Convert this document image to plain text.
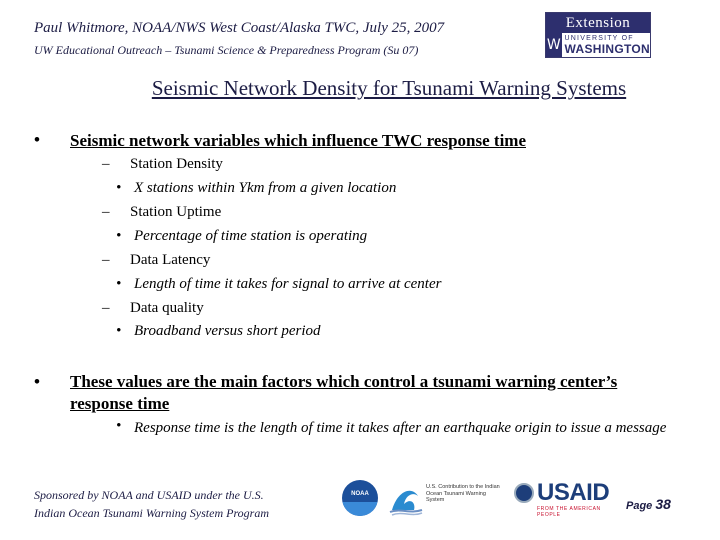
Paul Whitmore, NOAA/NWS West Coast/Alaska TWC, July 25, 2007
UW Educational Outreach – Tsunami Science & Preparedness Program (Su 07)
Extension
W UNIVERSITY OF
WASHINGTON
Seismic Network Density for Tsunami Warning Systems
• Seismic network variables which influence TWC response time
– Station Density
• X stations within Ykm from a given location
– Station Uptime
• Percentage of time station is operating
– Data Latency
• Length of time it takes for signal to arrive at center
– Data quality
• Broadband versus short period
• These values are the main factors which control a tsunami warning center’s response time
• Response time is the length of time it takes after an earthquake origin to issue a message
Sponsored by NOAA and USAID under the U.S.
Indian Ocean Tsunami Warning System Program
NOAA
U.S. Contribution to the Indian Ocean Tsunami Warning System	USAID
FROM THE AMERICAN PEOPLE
Page 38
